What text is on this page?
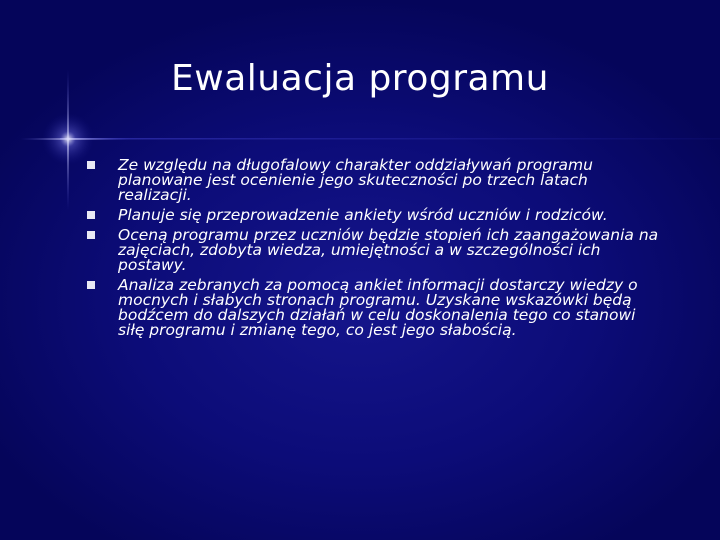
Ewaluacja programu
Ze względu na długofalowy charakter oddziaływań programu planowane jest ocenienie jego skuteczności po trzech latach realizacji.
Planuje się przeprowadzenie ankiety wśród uczniów i rodziców.
Oceną programu przez uczniów będzie stopień ich zaangażowania na zajęciach, zdobyta wiedza, umiejętności a w szczególności ich postawy.
Analiza zebranych za pomocą ankiet informacji dostarczy wiedzy o mocnych i słabych stronach programu. Uzyskane wskazówki będą bodźcem do dalszych działań w celu doskonalenia tego co stanowi siłę programu i zmianę tego, co jest jego słabością.
